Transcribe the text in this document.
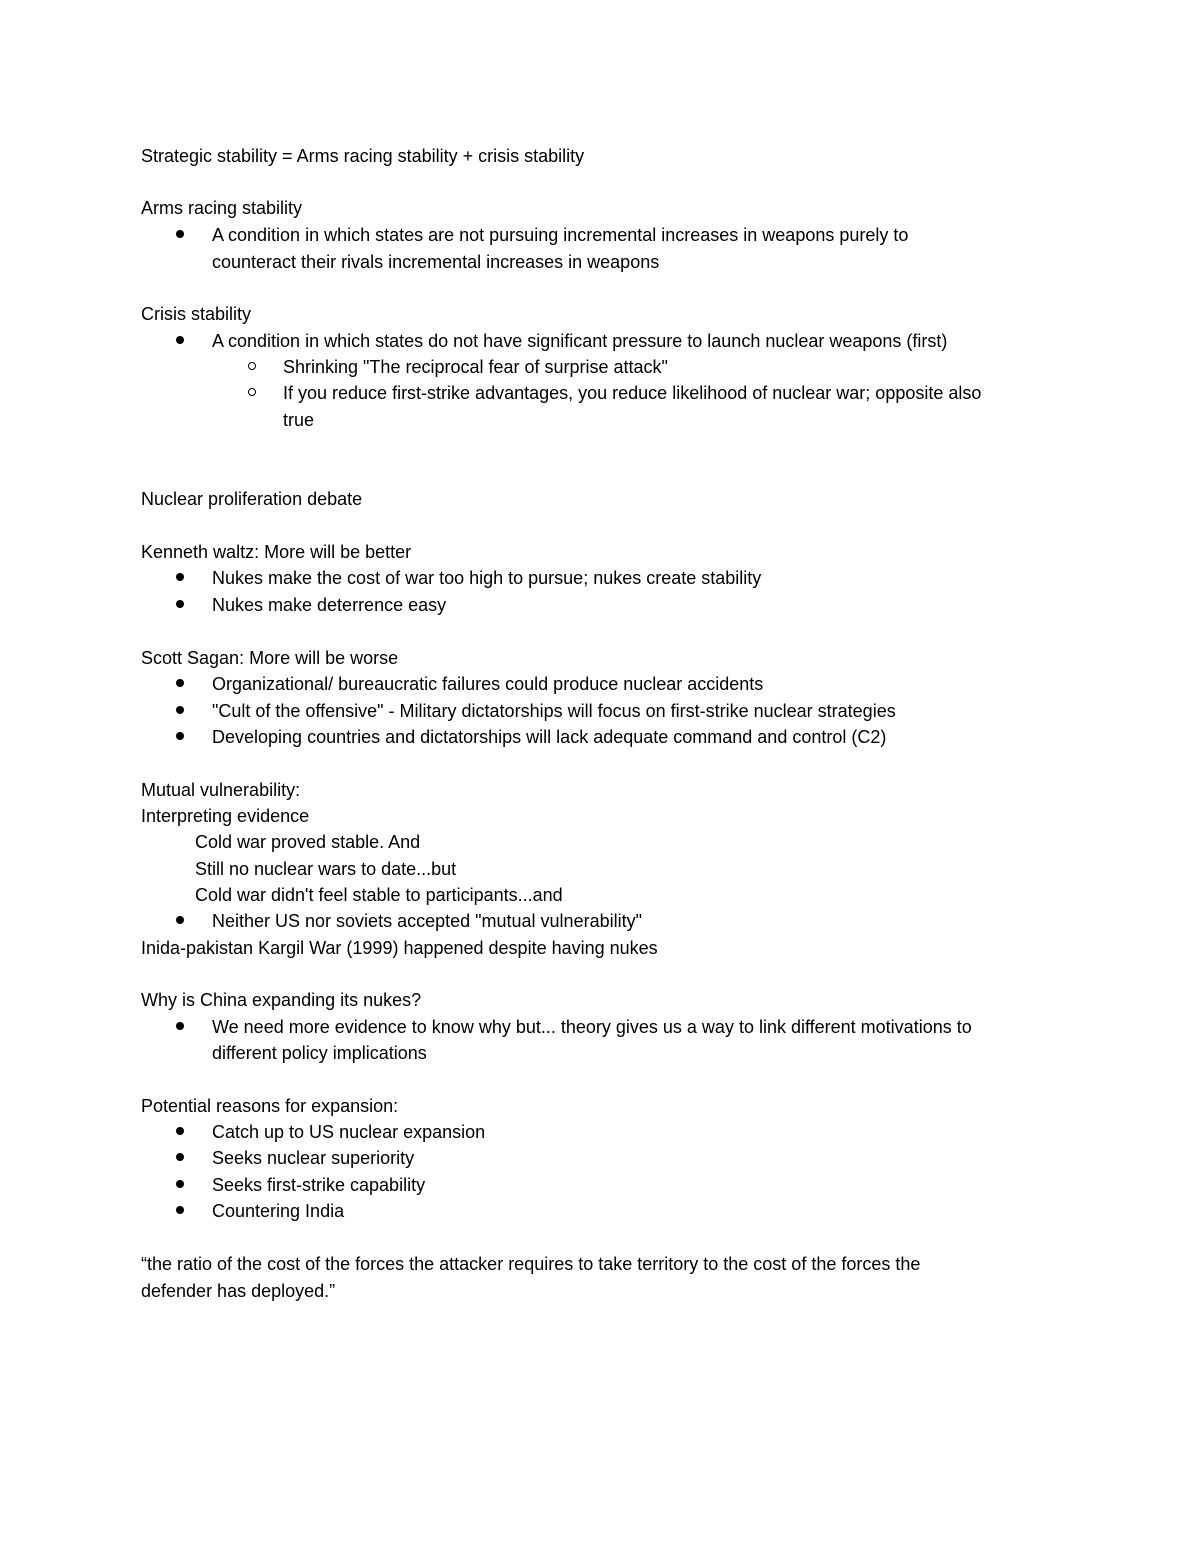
Strategic stability = Arms racing stability + crisis stability
Arms racing stability
A condition in which states are not pursuing incremental increases in weapons purely to
counteract their rivals incremental increases in weapons
Crisis stability
A condition in which states do not have significant pressure to launch nuclear weapons (first)
Shrinking "The reciprocal fear of surprise attack"
If you reduce first-strike advantages, you reduce likelihood of nuclear war; opposite also
true
Nuclear proliferation debate
Kenneth waltz: More will be better
Nukes make the cost of war too high to pursue; nukes create stability
Nukes make deterrence easy
Scott Sagan: More will be worse
Organizational/ bureaucratic failures could produce nuclear accidents
"Cult of the offensive" - Military dictatorships will focus on first-strike nuclear strategies
Developing countries and dictatorships will lack adequate command and control (C2)
Mutual vulnerability:
Interpreting evidence
Cold war proved stable. And
Still no nuclear wars to date...but
Cold war didn't feel stable to participants...and
Neither US nor soviets accepted "mutual vulnerability"
Inida-pakistan Kargil War (1999) happened despite having nukes
Why is China expanding its nukes?
We need more evidence to know why but... theory gives us a way to link different motivations to
different policy implications
Potential reasons for expansion:
Catch up to US nuclear expansion
Seeks nuclear superiority
Seeks first-strike capability
Countering India
“the ratio of the cost of the forces the attacker requires to take territory to the cost of the forces the
defender has deployed.”
